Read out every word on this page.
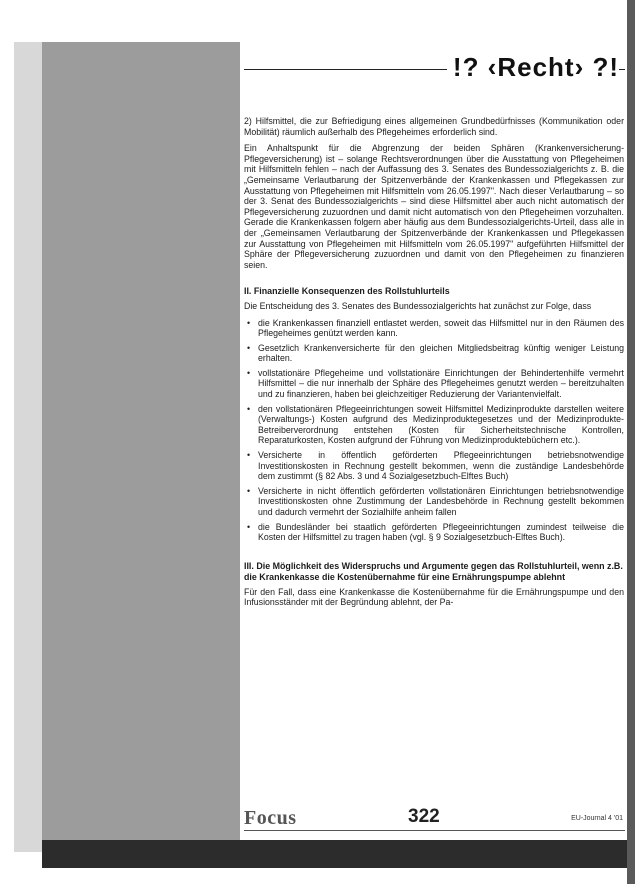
!? ‹Recht› ?!

2) Hilfsmittel, die zur Befriedigung eines allgemeinen Grundbedürfnisses (Kommunikation oder Mobilität) räumlich außerhalb des Pflegeheimes erforderlich sind.

Ein Anhaltspunkt für die Abgrenzung der beiden Sphären (Krankenversicherung- Pflegeversicherung) ist – solange Rechtsverordnungen über die Ausstattung von Pflegeheimen mit Hilfsmitteln fehlen – nach der Auffassung des 3. Senates des Bundessozialgerichts z. B. die „Gemeinsame Verlautbarung der Spitzenverbände der Krankenkassen und Pflegekassen zur Ausstattung von Pflegeheimen mit Hilfsmitteln vom 26.05.1997". Nach dieser Verlautbarung – so der 3. Senat des Bundessozialgerichts – sind diese Hilfsmittel aber auch nicht automatisch der Pflegeversicherung zuzuordnen und damit nicht automatisch von den Pflegeheimen vorzuhalten. Gerade die Krankenkassen folgern aber häufig aus dem Bundessozialgerichts-Urteil, dass alle in der „Gemeinsamen Verlautbarung der Spitzenverbände der Krankenkassen und Pflegekassen zur Ausstattung von Pflegeheimen mit Hilfsmitteln vom 26.05.1997" aufgeführten Hilfsmittel der Sphäre der Pflegeversicherung zuzuordnen und damit von den Pflegeheimen zu finanzieren seien.

II. Finanzielle Konsequenzen des Rollstuhlurteils

Die Entscheidung des 3. Senates des Bundessozialgerichts hat zunächst zur Folge, dass

• die Krankenkassen finanziell entlastet werden, soweit das Hilfsmittel nur in den Räumen des Pflegeheimes genützt werden kann.
• Gesetzlich Krankenversicherte für den gleichen Mitgliedsbeitrag künftig weniger Leistung erhalten.
• vollstationäre Pflegeheime und vollstationäre Einrichtungen der Behindertenhilfe vermehrt Hilfsmittel – die nur innerhalb der Sphäre des Pflegeheimes genutzt werden – bereitzuhalten und zu finanzieren, haben bei gleichzeitiger Reduzierung der Variantenvielfalt.
• den vollstationären Pflegeeinrichtungen soweit Hilfsmittel Medizinprodukte darstellen weitere (Verwaltungs-) Kosten aufgrund des Medizinproduktegesetzes und der Medizinprodukte-Betreiberverordnung entstehen (Kosten für Sicherheitstechnische Kontrollen, Reparaturkosten, Kosten aufgrund der Führung von Medizinproduktebüchern etc.).
• Versicherte in öffentlich geförderten Pflegeeinrichtungen betriebsnotwendige Investitionskosten in Rechnung gestellt bekommen, wenn die zuständige Landesbehörde dem zustimmt (§ 82 Abs. 3 und 4 Sozialgesetzbuch-Elftes Buch)
• Versicherte in nicht öffentlich geförderten vollstationären Einrichtungen betriebsnotwendige Investitionskosten ohne Zustimmung der Landesbehörde in Rechnung gestellt bekommen und dadurch vermehrt der Sozialhilfe anheim fallen
• die Bundesländer bei staatlich geförderten Pflegeeinrichtungen zumindest teilweise die Kosten der Hilfsmittel zu tragen haben (vgl. § 9 Sozialgesetzbuch-Elftes Buch).
III. Die Möglichkeit des Widerspruchs und Argumente gegen das Rollstuhlurteil, wenn z.B. die Krankenkasse die Kostenübernahme für eine Ernährungspumpe ablehnt

Für den Fall, dass eine Krankenkasse die Kostenübernahme für die Ernährungspumpe und den Infusionsständer mit der Begründung ablehnt, der Pa-

Focus	322	EU-Journal 4 '01
